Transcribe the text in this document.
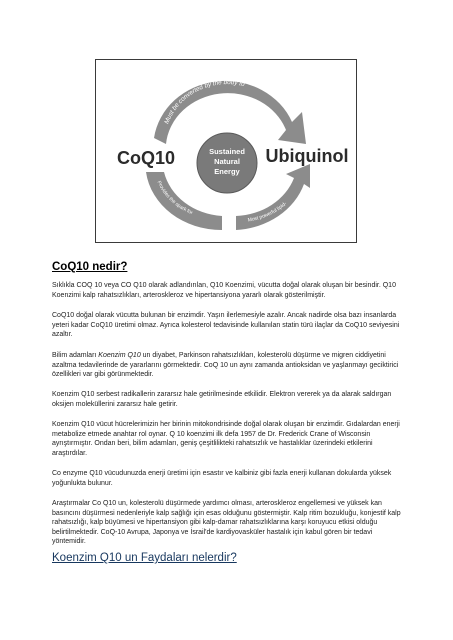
Must be converted by the body to
Provides the spark for
Most powerful lipid-
Sustained
Natural
Energy
CoQ10	Ubiquinol
CoQ10 nedir?

Sıklıkla COQ 10 veya CO Q10 olarak adlandırılan, Q10 Koenzimi, vücutta doğal olarak oluşan bir besindir. Q10 Koenzimi kalp rahatsızlıkları, arteroskleroz ve hipertansiyona yararlı olarak gösterilmiştir.

CoQ10 doğal olarak vücutta bulunan bir enzimdir. Yaşın ilerlemesiyle azalır. Ancak nadirde olsa bazı insanlarda yeteri kadar CoQ10 üretimi olmaz. Ayrıca kolesterol tedavisinde kullanılan statin türü ilaçlar da CoQ10 seviyesini azaltır.

Bilim adamları Koenzim Q10 un diyabet, Parkinson rahatsızlıkları, kolesterolü düşürme ve migren ciddiyetini azaltma tedavilerinde de yararlarını görmektedir. CoQ 10 un aynı zamanda antioksidan ve yaşlanmayı geciktirici özellikleri var gibi görünmektedir.

Koenzim Q10 serbest radikallerin zararsız hale getirilmesinde etkilidir. Elektron vererek ya da alarak saldırgan oksijen moleküllerini zararsız hale getirir.

Koenzim Q10 vücut hücrelerimizin her birinin mitokondrisinde doğal olarak oluşan bir enzimdir. Gıdalardan enerji metabolize etmede anahtar rol oynar. Q 10 koenzimi ilk defa 1957 de Dr. Frederick Crane of Wisconsin ayrıştırmıştır. Ondan beri, bilim adamları, geniş çeşitlilikteki rahatsızlık ve hastalıklar üzerindeki etkilerini araştırdılar.

Co enzyme Q10 vücudunuzda enerji üretimi için esastır ve kalbiniz gibi fazla enerji kullanan dokularda yüksek yoğunlukta bulunur.

Araştırmalar Co Q10 un, kolesterolü düşürmede yardımcı olması, arteroskleroz engellemesi ve yüksek kan basıncını düşürmesi nedenleriyle kalp sağlığı için esas olduğunu göstermiştir. Kalp ritim bozukluğu, konjestif kalp rahatsızlığı, kalp büyümesi ve hipertansiyon gibi kalp-damar rahatsızlıklarına karşı koruyucu etkisi olduğu belirtilmektedir. CoQ-10 Avrupa, Japonya ve İsrail'de kardiyovasküler hastalık için kabul gören bir tedavi yöntemidir.

Koenzim Q10 un Faydaları nelerdir?
